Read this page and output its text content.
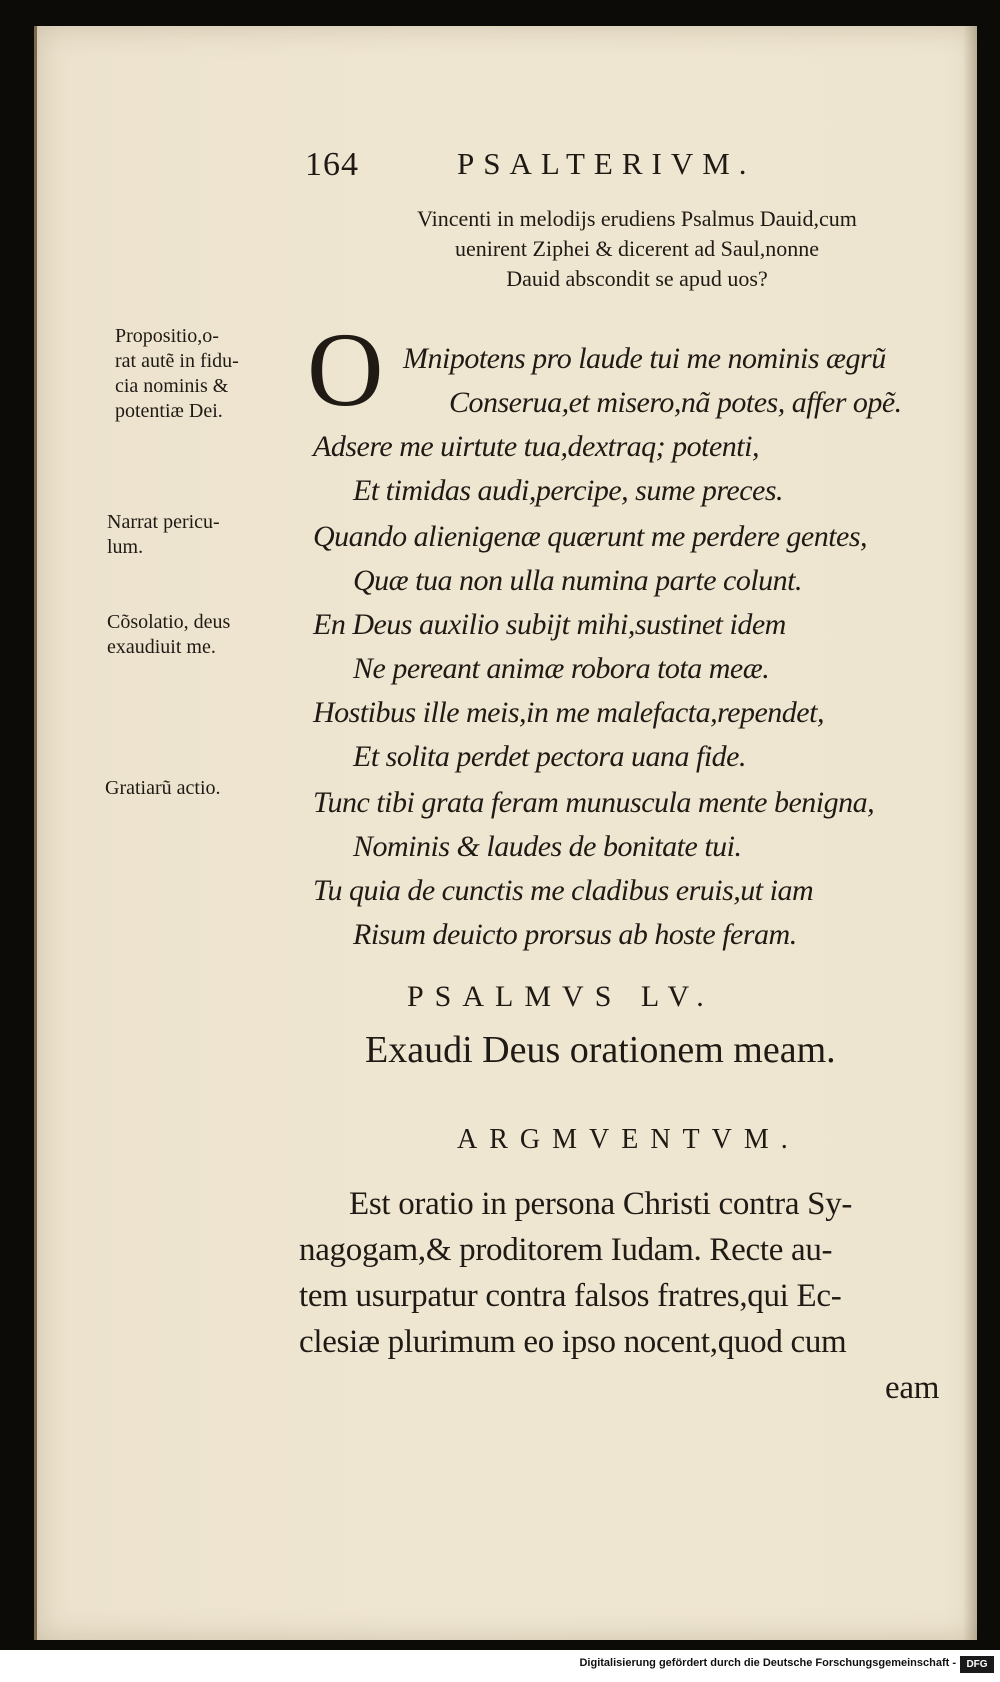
164	PSALTERIVM.
Vincenti in melodijs erudiens Psalmus Dauid,cum
uenirent Ziphei & dicerent ad Saul,nonne
Dauid abscondit se apud uos?
Propositio,o-
rat autẽ in fidu-
cia nominis &
potentiæ Dei.
Narrat pericu-
lum.
Cõsolatio, deus
exaudiuit me.
Gratiarũ actio.
O Mnipotens pro laude tui me nominis ægrũ
Conserua,et misero,nã potes, affer opẽ.
Adsere me uirtute tua,dextraq; potenti,
Et timidas audi,percipe, sume preces.
Quando alienigenæ quærunt me perdere gentes,
Quæ tua non ulla numina parte colunt.
En Deus auxilio subijt mihi,sustinet idem
Ne pereant animæ robora tota meæ.
Hostibus ille meis,in me malefacta,rependet,
Et solita perdet pectora uana fide.
Tunc tibi grata feram munuscula mente benigna,
Nominis & laudes de bonitate tui.
Tu quia de cunctis me cladibus eruis,ut iam
Risum deuicto prorsus ab hoste feram.
PSALMVS LV.
Exaudi Deus orationem meam.
ARGMVENTVM.
Est oratio in persona Christi contra Sy-
nagogam,& proditorem Iudam. Recte au-
tem usurpatur contra falsos fratres,qui Ec-
clesiæ plurimum eo ipso nocent,quod cum
eam
Digitalisierung gefördert durch die Deutsche Forschungsgemeinschaft -	DFG
